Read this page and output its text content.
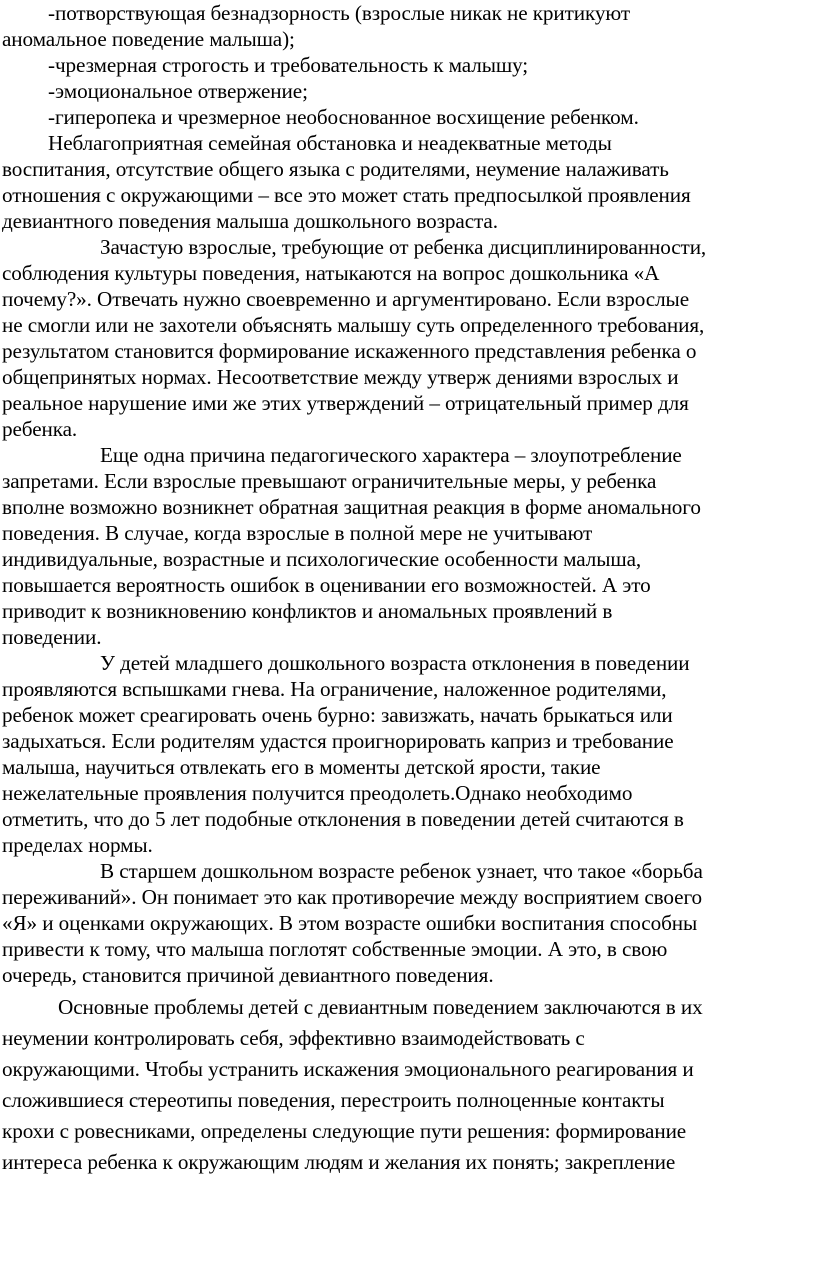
-потворствующая безнадзорность (взрослые никак не критикуют
аномальное поведение малыша);
-чрезмерная строгость и требовательность к малышу;
-эмоциональное отвержение;
-гиперопека и чрезмерное необоснованное восхищение ребенком.
Неблагоприятная семейная обстановка и неадекватные методы
воспитания, отсутствие общего языка с родителями, неумение налаживать
отношения с окружающими – все это может стать предпосылкой проявления
девиантного поведения малыша дошкольного возраста.
Зачастую взрослые, требующие от ребенка дисциплинированности,
соблюдения культуры поведения, натыкаются на вопрос дошкольника «А
почему?». Отвечать нужно своевременно и аргументировано. Если взрослые
не смогли или не захотели объяснять малышу суть определенного требования,
результатом становится формирование искаженного представления ребенка о
общепринятых нормах. Несоответствие между утверж дениями взрослых и
реальное нарушение ими же этих утверждений – отрицательный пример для
ребенка.
Еще одна причина педагогического характера – злоупотребление
запретами. Если взрослые превышают ограничительные меры, у ребенка
вполне возможно возникнет обратная защитная реакция в форме аномального
поведения. В случае, когда взрослые в полной мере не учитывают
индивидуальные, возрастные и психологические особенности малыша,
повышается вероятность ошибок в оценивании его возможностей. А это
приводит к возникновению конфликтов и аномальных проявлений в
поведении.
У детей младшего дошкольного возраста отклонения в поведении
проявляются вспышками гнева. На ограничение, наложенное родителями,
ребенок может среагировать очень бурно: завизжать, начать брыкаться или
задыхаться. Если родителям удастся проигнорировать каприз и требование
малыша, научиться отвлекать его в моменты детской ярости, такие
нежелательные проявления получится преодолеть.Однако необходимо
отметить, что до 5 лет подобные отклонения в поведении детей считаются в
пределах нормы.
В старшем дошкольном возрасте ребенок узнает, что такое «борьба
переживаний». Он понимает это как противоречие между восприятием своего
«Я» и оценками окружающих. В этом возрасте ошибки воспитания способны
привести к тому, что малыша поглотят собственные эмоции. А это, в свою
очередь, становится причиной девиантного поведения.
Основные проблемы детей с девиантным поведением заключаются в их
неумении контролировать себя, эффективно взаимодействовать с
окружающими. Чтобы устранить искажения эмоционального реагирования и
сложившиеся стереотипы поведения, перестроить полноценные контакты
крохи с ровесниками, определены следующие пути решения: формирование
интереса ребенка к окружающим людям и желания их понять; закрепление
